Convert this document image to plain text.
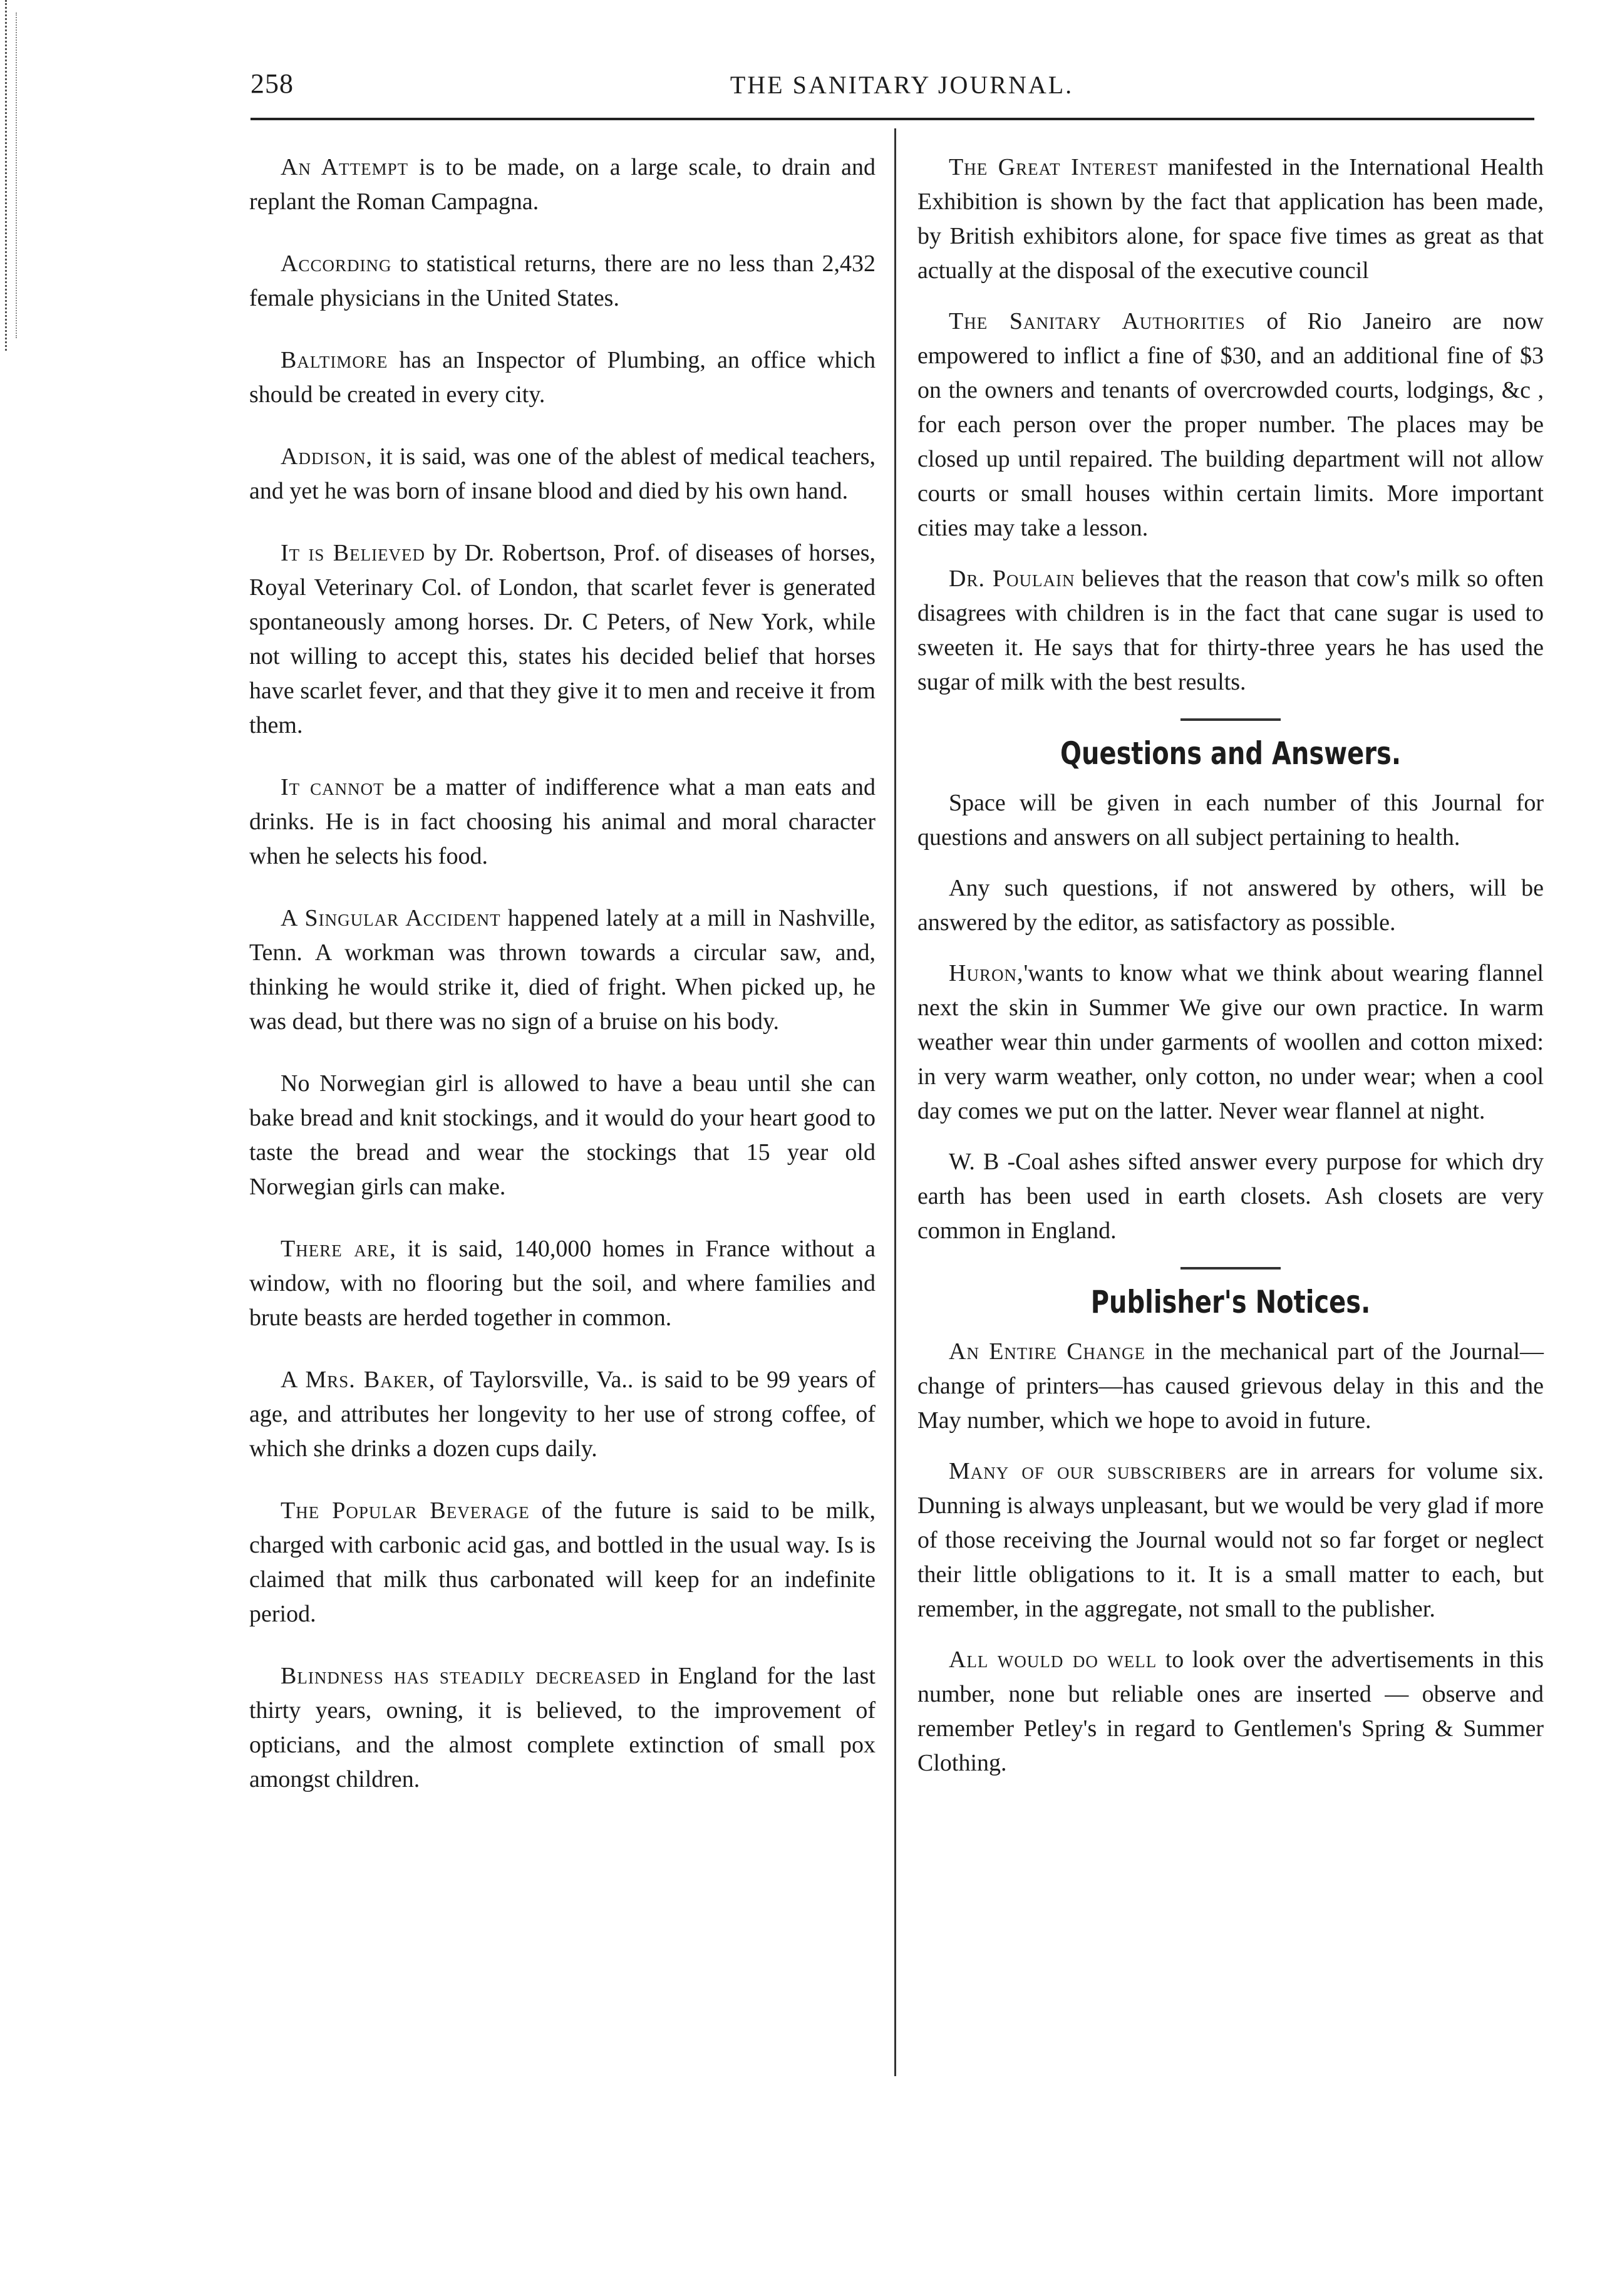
258	THE SANITARY JOURNAL.

An Attempt is to be made, on a large scale, to drain and replant the Roman Campagna.

According to statistical returns, there are no less than 2,432 female physicians in the United States.

Baltimore has an Inspector of Plumbing, an office which should be created in every city.

Addison, it is said, was one of the ablest of medical teachers, and yet he was born of insane blood and died by his own hand.

It is Believed by Dr. Robertson, Prof. of diseases of horses, Royal Veterinary Col. of London, that scarlet fever is generated spontaneously among horses. Dr. C Peters, of New York, while not willing to accept this, states his decided belief that horses have scarlet fever, and that they give it to men and receive it from them.

It cannot be a matter of indifference what a man eats and drinks. He is in fact choosing his animal and moral character when he selects his food.

A Singular Accident happened lately at a mill in Nashville, Tenn. A workman was thrown towards a circular saw, and, thinking he would strike it, died of fright. When picked up, he was dead, but there was no sign of a bruise on his body.

No Norwegian girl is allowed to have a beau until she can bake bread and knit stockings, and it would do your heart good to taste the bread and wear the stockings that 15 year old Norwegian girls can make.

There are, it is said, 140,000 homes in France without a window, with no flooring but the soil, and where families and brute beasts are herded together in common.

A Mrs. Baker, of Taylorsville, Va.. is said to be 99 years of age, and attributes her longevity to her use of strong coffee, of which she drinks a dozen cups daily.

The Popular Beverage of the future is said to be milk, charged with carbonic acid gas, and bottled in the usual way. Is is claimed that milk thus carbonated will keep for an indefinite period.

Blindness has steadily decreased in England for the last thirty years, owning, it is believed, to the improvement of opticians, and the almost complete extinction of small pox amongst children.

The Great Interest manifested in the International Health Exhibition is shown by the fact that application has been made, by British exhibitors alone, for space five times as great as that actually at the disposal of the executive council

The Sanitary Authorities of Rio Janeiro are now empowered to inflict a fine of $30, and an additional fine of $3 on the owners and tenants of overcrowded courts, lodgings, &c , for each person over the proper number. The places may be closed up until repaired. The building department will not allow courts or small houses within certain limits. More important cities may take a lesson.

Dr. Poulain believes that the reason that cow's milk so often disagrees with children is in the fact that cane sugar is used to sweeten it. He says that for thirty-three years he has used the sugar of milk with the best results.

Questions and Answers.

Space will be given in each number of this Journal for questions and answers on all subject pertaining to health.

Any such questions, if not answered by others, will be answered by the editor, as satisfactory as possible.

Huron,'wants to know what we think about wearing flannel next the skin in Summer We give our own practice. In warm weather wear thin under garments of woollen and cotton mixed: in very warm weather, only cotton, no under wear; when a cool day comes we put on the latter. Never wear flannel at night.

W. B -Coal ashes sifted answer every purpose for which dry earth has been used in earth closets. Ash closets are very common in England.

Publisher's Notices.

An Entire Change in the mechanical part of the Journal—change of printers—has caused grievous delay in this and the May number, which we hope to avoid in future.

Many of our subscribers are in arrears for volume six. Dunning is always unpleasant, but we would be very glad if more of those receiving the Journal would not so far forget or neglect their little obligations to it. It is a small matter to each, but remember, in the aggregate, not small to the publisher.

All would do well to look over the advertisements in this number, none but reliable ones are inserted — observe and remember Petley's in regard to Gentlemen's Spring & Summer Clothing.
